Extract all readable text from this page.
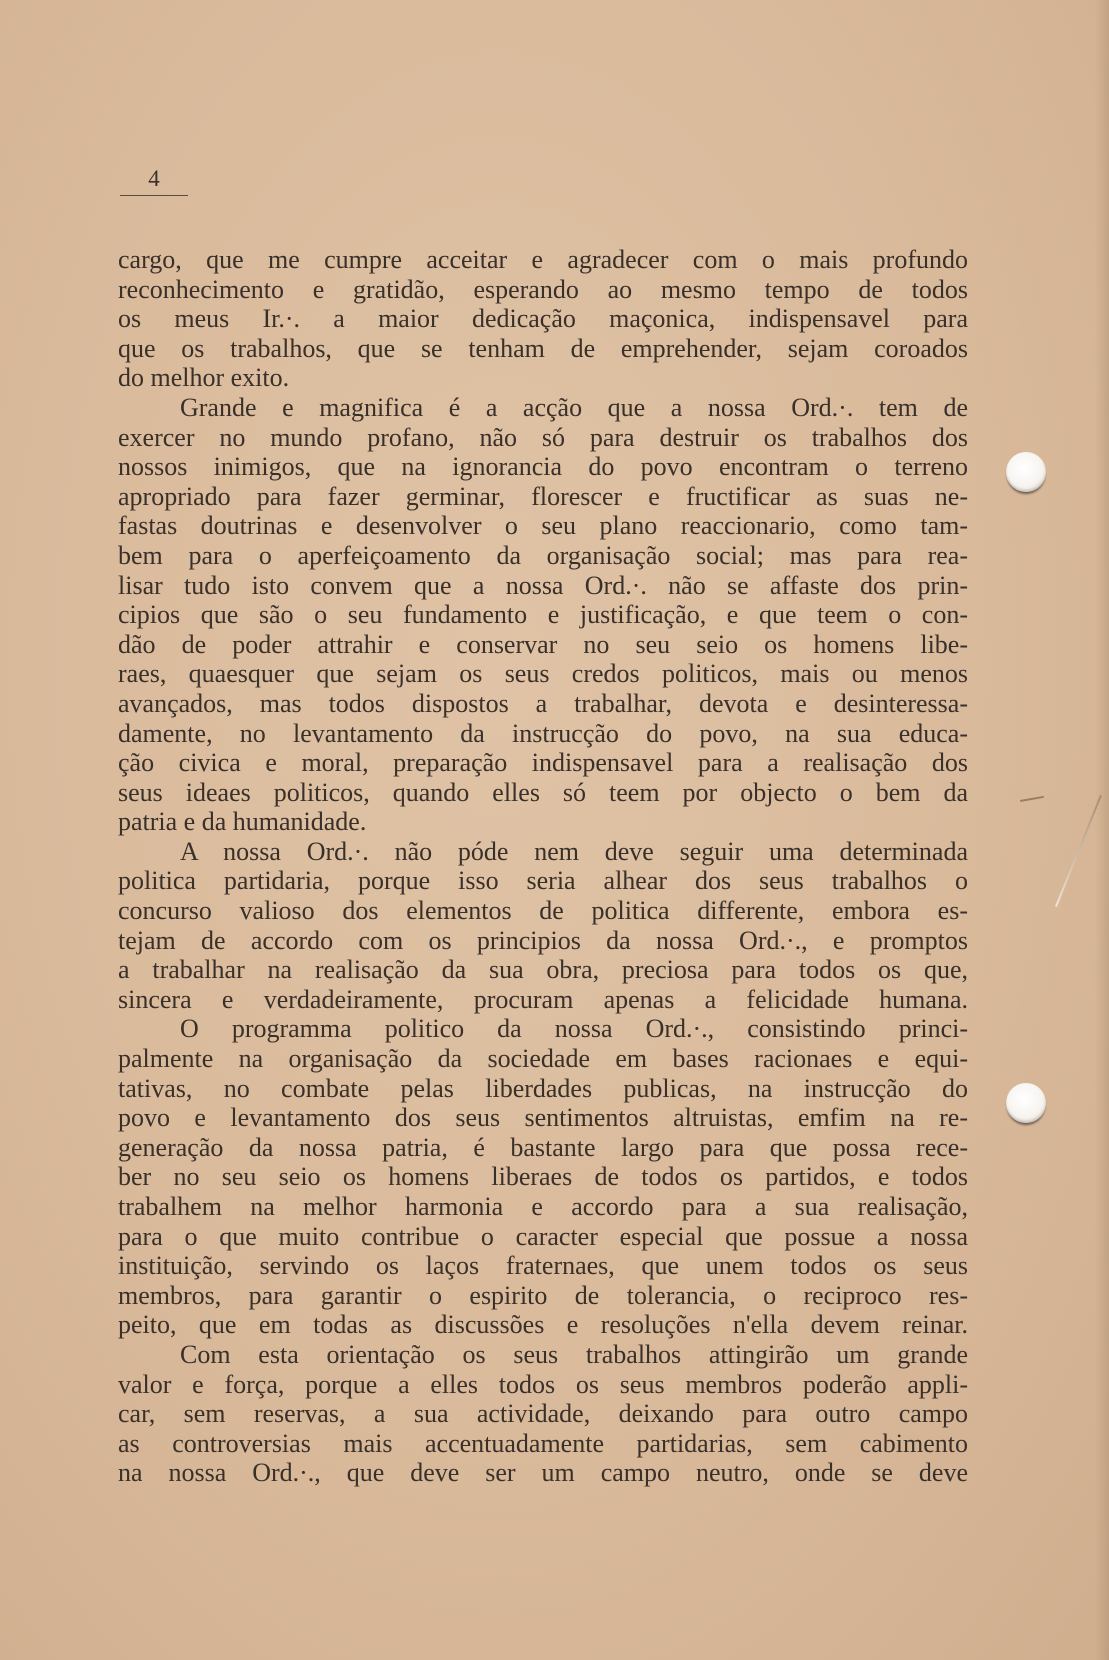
4
cargo, que me cumpre acceitar e agradecer com o mais profundo
reconhecimento e gratidão, esperando ao mesmo tempo de todos
os meus Ir.·. a maior dedicação maçonica, indispensavel para
que os trabalhos, que se tenham de emprehender, sejam coroados
do melhor exito.
Grande e magnifica é a acção que a nossa Ord.·. tem de
exercer no mundo profano, não só para destruir os trabalhos dos
nossos inimigos, que na ignorancia do povo encontram o terreno
apropriado para fazer germinar, florescer e fructificar as suas ne-
fastas doutrinas e desenvolver o seu plano reaccionario, como tam-
bem para o aperfeiçoamento da organisação social; mas para rea-
lisar tudo isto convem que a nossa Ord.·. não se affaste dos prin-
cipios que são o seu fundamento e justificação, e que teem o con-
dão de poder attrahir e conservar no seu seio os homens libe-
raes, quaesquer que sejam os seus credos politicos, mais ou menos
avançados, mas todos dispostos a trabalhar, devota e desinteressa-
damente, no levantamento da instrucção do povo, na sua educa-
ção civica e moral, preparação indispensavel para a realisação dos
seus ideaes politicos, quando elles só teem por objecto o bem da
patria e da humanidade.
A nossa Ord.·. não póde nem deve seguir uma determinada
politica partidaria, porque isso seria alhear dos seus trabalhos o
concurso valioso dos elementos de politica differente, embora es-
tejam de accordo com os principios da nossa Ord.·., e promptos
a trabalhar na realisação da sua obra, preciosa para todos os que,
sincera e verdadeiramente, procuram apenas a felicidade humana.
O programma politico da nossa Ord.·., consistindo princi-
palmente na organisação da sociedade em bases racionaes e equi-
tativas, no combate pelas liberdades publicas, na instrucção do
povo e levantamento dos seus sentimentos altruistas, emfim na re-
generação da nossa patria, é bastante largo para que possa rece-
ber no seu seio os homens liberaes de todos os partidos, e todos
trabalhem na melhor harmonia e accordo para a sua realisação,
para o que muito contribue o caracter especial que possue a nossa
instituição, servindo os laços fraternaes, que unem todos os seus
membros, para garantir o espirito de tolerancia, o reciproco res-
peito, que em todas as discussões e resoluções n'ella devem reinar.
Com esta orientação os seus trabalhos attingirão um grande
valor e força, porque a elles todos os seus membros poderão appli-
car, sem reservas, a sua actividade, deixando para outro campo
as controversias mais accentuadamente partidarias, sem cabimento
na nossa Ord.·., que deve ser um campo neutro, onde se deve
